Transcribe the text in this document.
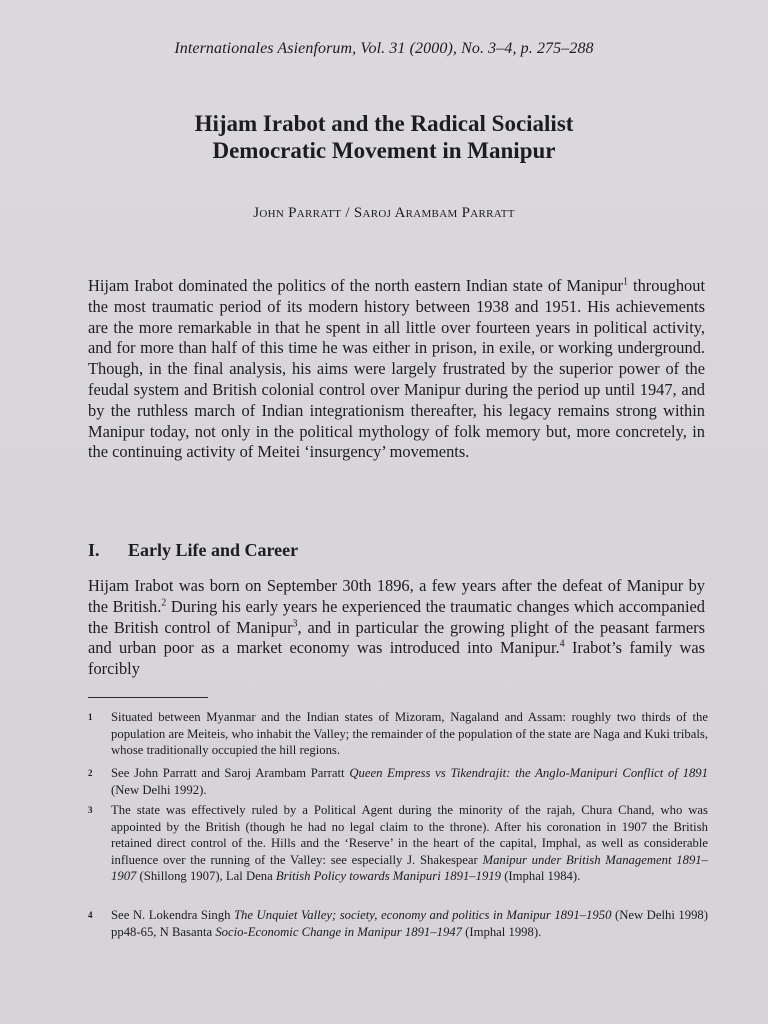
Internationales Asienforum, Vol. 31 (2000), No. 3–4, p. 275–288
Hijam Irabot and the Radical Socialist
Democratic Movement in Manipur
John Parratt / Saroj Arambam Parratt
Hijam Irabot dominated the politics of the north eastern Indian state of Manipur$^1$ throughout the most traumatic period of its modern history between 1938 and 1951. His achievements are the more remarkable in that he spent in all little over fourteen years in political activity, and for more than half of this time he was either in prison, in exile, or working underground. Though, in the final analysis, his aims were largely frustrated by the superior power of the feudal system and British colonial control over Manipur during the period up until 1947, and by the ruthless march of Indian integrationism thereafter, his legacy remains strong within Manipur today, not only in the political mythology of folk memory but, more concretely, in the continuing activity of Meitei ‘insurgency’ movements.
I. Early Life and Career
Hijam Irabot was born on September 30th 1896, a few years after the defeat of Manipur by the British.$^2$ During his early years he experienced the traumatic changes which accompanied the British control of Manipur$^3$, and in particular the growing plight of the peasant farmers and urban poor as a market economy was introduced into Manipur.$^4$ Irabot’s family was forcibly
1 Situated between Myanmar and the Indian states of Mizoram, Nagaland and Assam: roughly two thirds of the population are Meiteis, who inhabit the Valley; the remainder of the population of the state are Naga and Kuki tribals, whose traditionally occupied the hill regions.
2 See John Parratt and Saroj Arambam Parratt Queen Empress vs Tikendrajit: the Anglo-Manipuri Conflict of 1891 (New Delhi 1992).
3 The state was effectively ruled by a Political Agent during the minority of the rajah, Chura Chand, who was appointed by the British (though he had no legal claim to the throne). After his coronation in 1907 the British retained direct control of the. Hills and the ‘Reserve’ in the heart of the capital, Imphal, as well as considerable influence over the running of the Valley: see especially J. Shakespear Manipur under British Management 1891–1907 (Shillong 1907), Lal Dena British Policy towards Manipuri 1891–1919 (Imphal 1984).
4 See N. Lokendra Singh The Unquiet Valley; society, economy and politics in Manipur 1891–1950 (New Delhi 1998) pp48-65, N Basanta Socio-Economic Change in Manipur 1891–1947 (Imphal 1998).
